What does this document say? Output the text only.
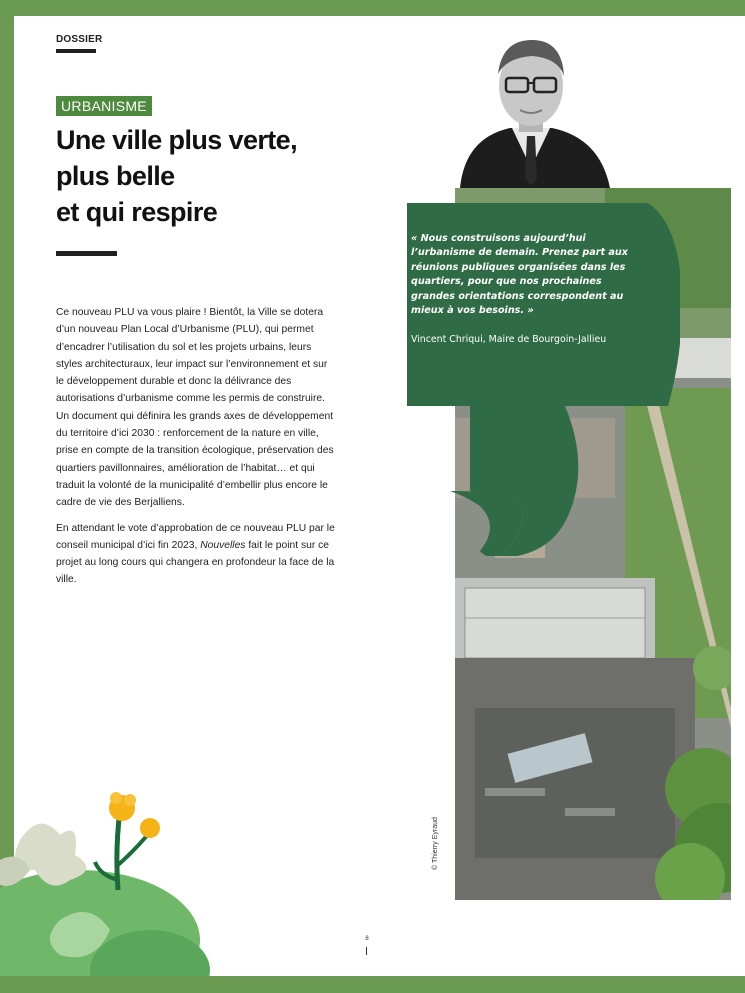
DOSSIER
URBANISME
Une ville plus verte,
plus belle
et qui respire

Ce nouveau PLU va vous plaire ! Bientôt, la Ville se dotera d’un nouveau Plan Local d’Urbanisme (PLU), qui permet d’encadrer l’utilisation du sol et les projets urbains, leurs styles architecturaux, leur impact sur l’environnement et sur le développement durable et donc la délivrance des autorisations d’urbanisme comme les permis de construire. Un document qui définira les grands axes de développement du territoire d’ici 2030 : renforcement de la nature en ville, prise en compte de la transition écologique, préservation des quartiers pavillonnaires, amélioration de l’habitat… et qui traduit la volonté de la municipalité d’embellir plus encore le cadre de vie des Berjalliens.

En attendant le vote d’approbation de ce nouveau PLU par le conseil municipal d’ici fin 2023, Nouvelles fait le point sur ce projet au long cours qui changera en profondeur la face de la ville.

« Nous construisons aujourd’hui l’urbanisme de demain. Prenez part aux réunions publiques organisées dans les quartiers, pour que nos prochaines grandes orientations correspondent au mieux à vos besoins. »

Vincent Chriqui, Maire de Bourgoin-Jallieu
© Thierry Eyraud
8
